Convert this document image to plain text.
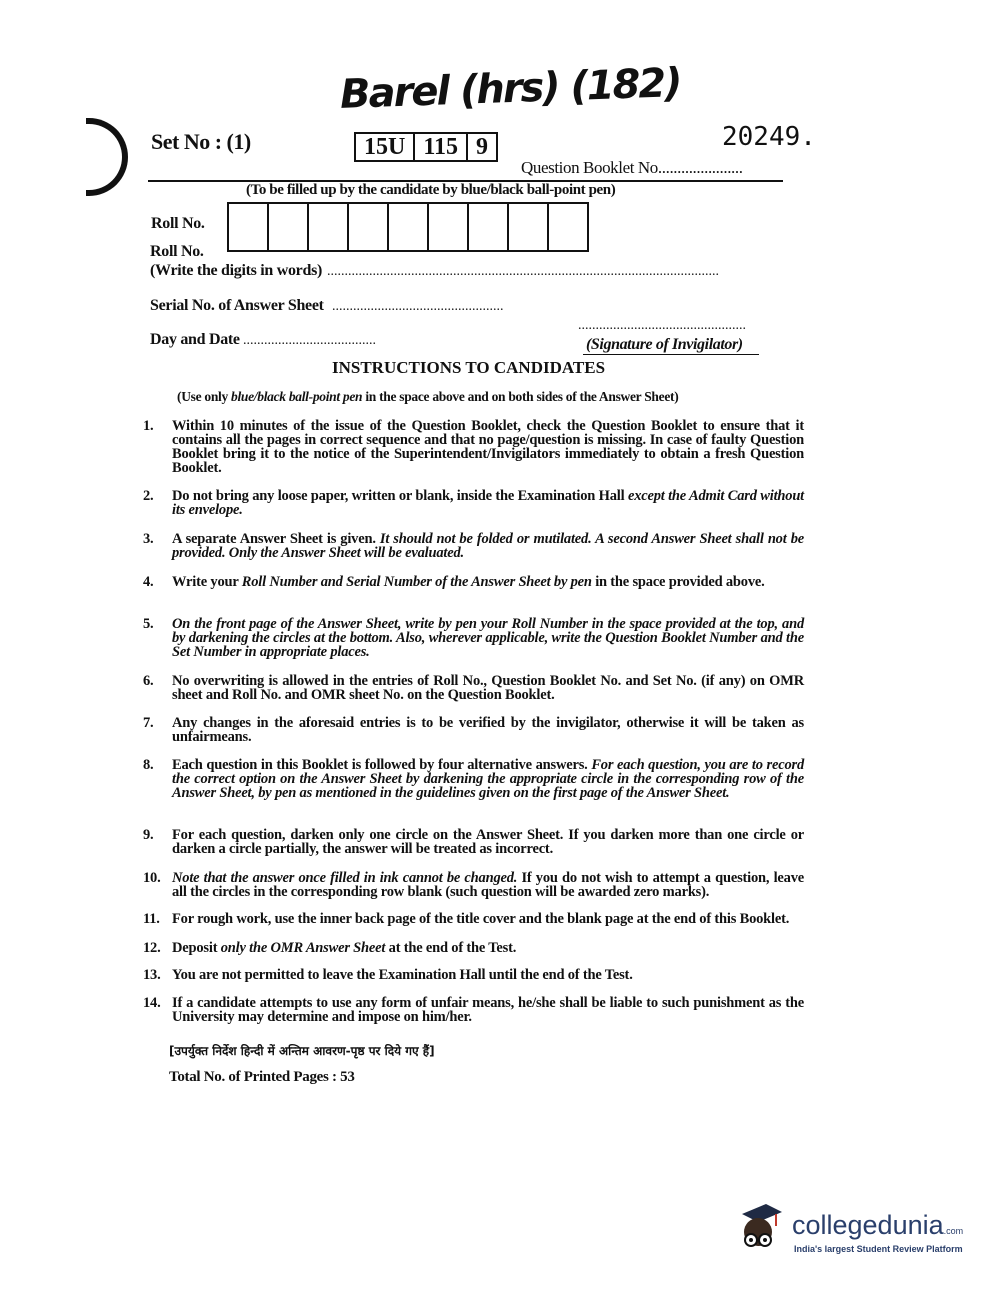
Barel (hrs) (182)
20249.
Set No : (1)	15U 115 9
Question Booklet No......................
(To be filled up by the candidate by blue/black ball-point pen)
Roll No.
Roll No.
(Write the digits in words) ................................................................................................................
Serial No. of Answer Sheet .................................................
Day and Date ......................................
................................................
(Signature of Invigilator)
INSTRUCTIONS TO CANDIDATES
(Use only blue/black ball-point pen in the space above and on both sides of the Answer Sheet)
1. Within 10 minutes of the issue of the Question Booklet, check the Question Booklet to ensure that it contains all the pages in correct sequence and that no page/question is missing. In case of faulty Question Booklet bring it to the notice of the Superintendent/Invigilators immediately to obtain a fresh Question Booklet.
2. Do not bring any loose paper, written or blank, inside the Examination Hall except the Admit Card without its envelope.
3. A separate Answer Sheet is given. It should not be folded or mutilated. A second Answer Sheet shall not be provided. Only the Answer Sheet will be evaluated.
4. Write your Roll Number and Serial Number of the Answer Sheet by pen in the space provided above.
5. On the front page of the Answer Sheet, write by pen your Roll Number in the space provided at the top, and by darkening the circles at the bottom. Also, wherever applicable, write the Question Booklet Number and the Set Number in appropriate places.
6. No overwriting is allowed in the entries of Roll No., Question Booklet No. and Set No. (if any) on OMR sheet and Roll No. and OMR sheet No. on the Question Booklet.
7. Any changes in the aforesaid entries is to be verified by the invigilator, otherwise it will be taken as unfairmeans.
8. Each question in this Booklet is followed by four alternative answers. For each question, you are to record the correct option on the Answer Sheet by darkening the appropriate circle in the corresponding row of the Answer Sheet, by pen as mentioned in the guidelines given on the first page of the Answer Sheet.
9. For each question, darken only one circle on the Answer Sheet. If you darken more than one circle or darken a circle partially, the answer will be treated as incorrect.
10. Note that the answer once filled in ink cannot be changed. If you do not wish to attempt a question, leave all the circles in the corresponding row blank (such question will be awarded zero marks).
11. For rough work, use the inner back page of the title cover and the blank page at the end of this Booklet.
12. Deposit only the OMR Answer Sheet at the end of the Test.
13. You are not permitted to leave the Examination Hall until the end of the Test.
14. If a candidate attempts to use any form of unfair means, he/she shall be liable to such punishment as the University may determine and impose on him/her.
[उपर्युक्त निर्देश हिन्दी में अन्तिम आवरण-पृष्ठ पर दिये गए हैं]
Total No. of Printed Pages : 53
collegedunia.com
India's largest Student Review Platform
